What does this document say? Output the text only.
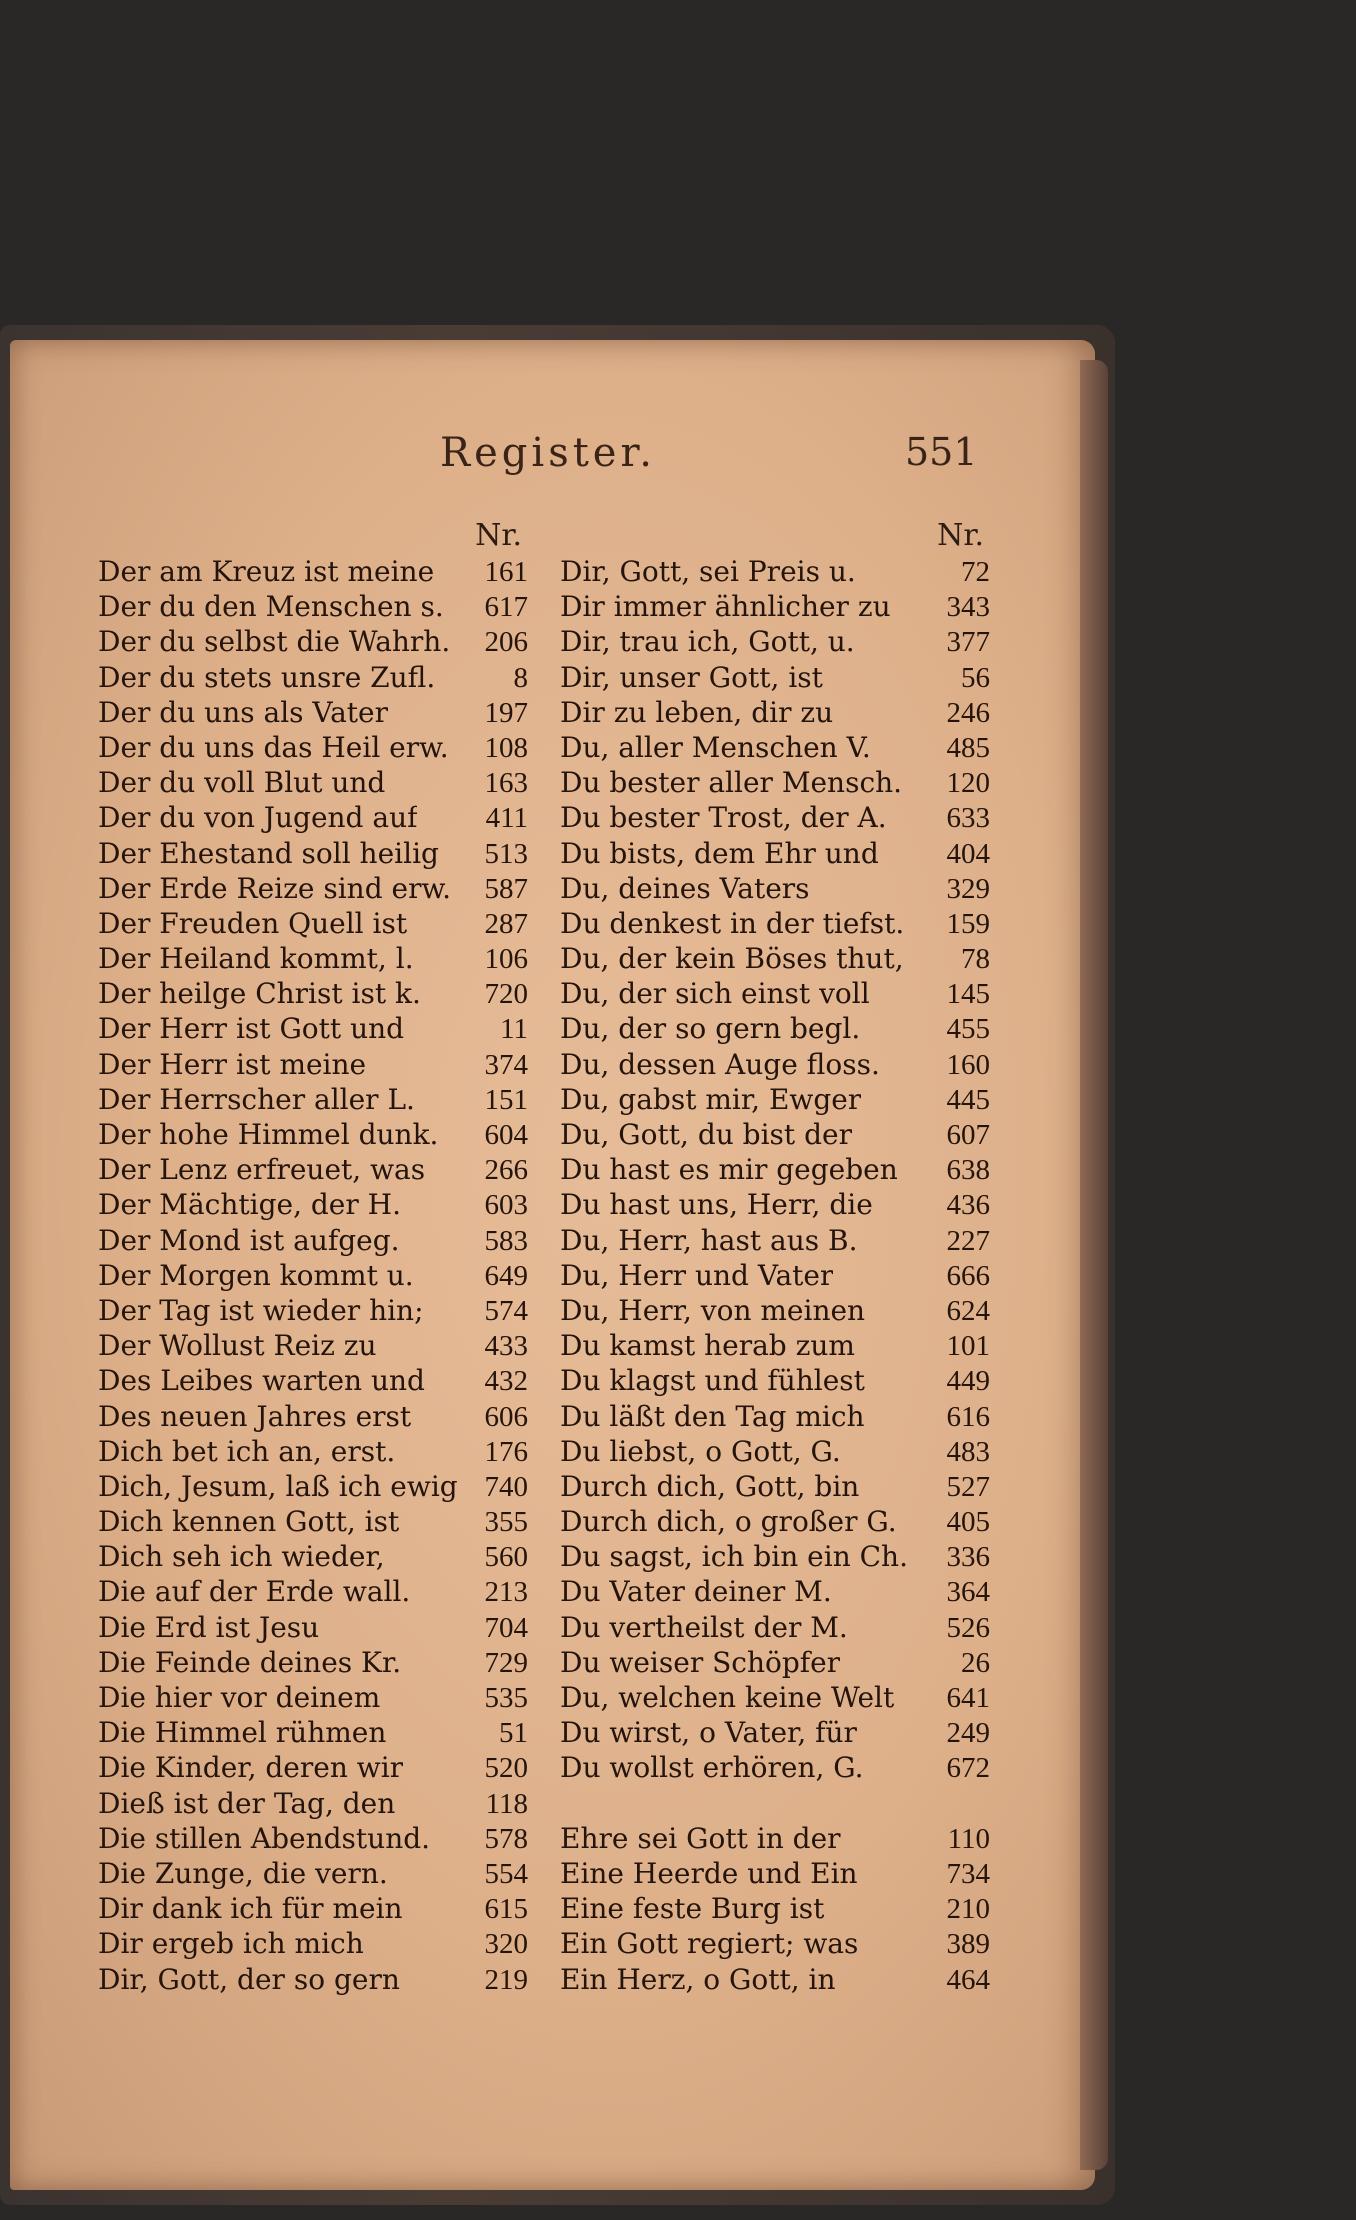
Register.	551
Nr.
Der am Kreuz ist meine 161
Der du den Menschen s. 617
Der du selbst die Wahrh. 206
Der du stets unsre Zufl.	8
Der du uns als Vater	197
Der du uns das Heil erw. 108
Der du voll Blut und	163
Der du von Jugend auf 411
Der Ehestand soll heilig 513
Der Erde Reize sind erw. 587
Der Freuden Quell ist	287
Der Heiland kommt, l. 106
Der heilge Christ ist k. 720
Der Herr ist Gott und	11
Der Herr ist meine	374
Der Herrscher aller L. 151
Der hohe Himmel dunk. 604
Der Lenz erfreuet, was 266
Der Mächtige, der H.	603
Der Mond ist aufgeg.	583
Der Morgen kommt u. 649
Der Tag ist wieder hin; 574
Der Wollust Reiz zu	433
Des Leibes warten und 432
Des neuen Jahres erst	606
Dich bet ich an, erst.	176
Dich, Jesum, laß ich ewig 740
Dich kennen Gott, ist	355
Dich seh ich wieder,	560
Die auf der Erde wall.	213
Die Erd ist Jesu	704
Die Feinde deines Kr.	729
Die hier vor deinem	535
Die Himmel rühmen	51
Die Kinder, deren wir	520
Dieß ist der Tag, den	118
Die stillen Abendstund. 578
Die Zunge, die vern.	554
Dir dank ich für mein	615
Dir ergeb ich mich	320
Dir, Gott, der so gern	219
Nr.
Dir, Gott, sei Preis u.	72
Dir immer ähnlicher zu 343
Dir, trau ich, Gott, u.	377
Dir, unser Gott, ist	56
Dir zu leben, dir zu	246
Du, aller Menschen V.	485
Du bester aller Mensch. 120
Du bester Trost, der A. 633
Du bists, dem Ehr und 404
Du, deines Vaters	329
Du denkest in der tiefst. 159
Du, der kein Böses thut, 78
Du, der sich einst voll	145
Du, der so gern begl.	455
Du, dessen Auge floss. 160
Du, gabst mir, Ewger	445
Du, Gott, du bist der	607
Du hast es mir gegeben 638
Du hast uns, Herr, die	436
Du, Herr, hast aus B.	227
Du, Herr und Vater	666
Du, Herr, von meinen	624
Du kamst herab zum	101
Du klagst und fühlest	449
Du läßt den Tag mich	616
Du liebst, o Gott, G.	483
Durch dich, Gott, bin	527
Durch dich, o großer G. 405
Du sagst, ich bin ein Ch. 336
Du Vater deiner M.	364
Du vertheilst der M.	526
Du weiser Schöpfer	26
Du, welchen keine Welt 641
Du wirst, o Vater, für	249
Du wollst erhören, G.	672
Ehre sei Gott in der	110
Eine Heerde und Ein	734
Eine feste Burg ist	210
Ein Gott regiert; was	389
Ein Herz, o Gott, in	464
